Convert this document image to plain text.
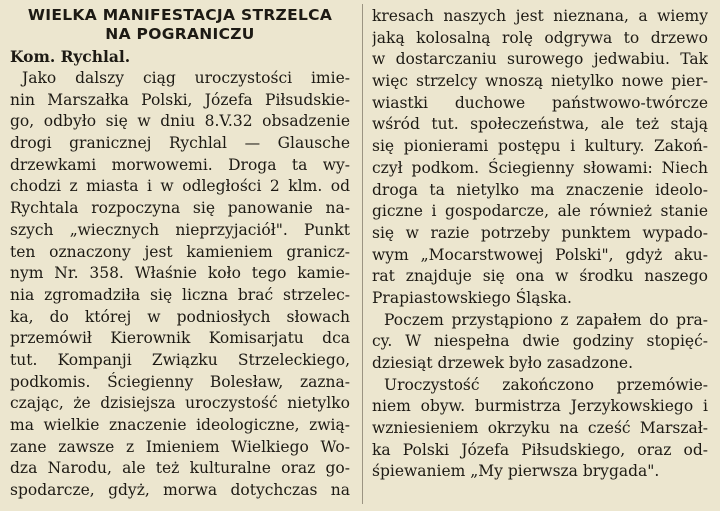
WIELKA MANIFESTACJA STRZELCA
NA POGRANICZU
Kom. Rychlal.
Jako dalszy ciąg uroczystości imie-
nin Marszałka Polski, Józefa Piłsudskie-
go, odbyło się w dniu 8.V.32 obsadzenie
drogi granicznej Rychlal — Glausche
drzewkami morwowemi. Droga ta wy-
chodzi z miasta i w odległości 2 klm. od
Rychtala rozpoczyna się panowanie na-
szych „wiecznych nieprzyjaciół". Punkt
ten oznaczony jest kamieniem granicz-
nym Nr. 358. Właśnie koło tego kamie-
nia zgromadziła się liczna brać strzelec-
ka, do której w podniosłych słowach
przemówił Kierownik Komisarjatu dca
tut. Kompanji Związku Strzeleckiego,
podkomis. Ściegienny Bolesław, zazna-
czając, że dzisiejsza uroczystość nietylko
ma wielkie znaczenie ideologiczne, zwią-
zane zawsze z Imieniem Wielkiego Wo-
dza Narodu, ale też kulturalne oraz go-
spodarcze, gdyż, morwa dotychczas na
kresach naszych jest nieznana, a wiemy
jaką kolosalną rolę odgrywa to drzewo
w dostarczaniu surowego jedwabiu. Tak
więc strzelcy wnoszą nietylko nowe pier-
wiastki duchowe państwowo-twórcze
wśród tut. społeczeństwa, ale też stają
się pionierami postępu i kultury. Zakoń-
czył podkom. Ściegienny słowami: Niech
droga ta nietylko ma znaczenie ideolo-
giczne i gospodarcze, ale również stanie
się w razie potrzeby punktem wypado-
wym „Mocarstwowej Polski", gdyż aku-
rat znajduje się ona w środku naszego
Prapiastowskiego Śląska.
Poczem przystąpiono z zapałem do pra-
cy. W niespełna dwie godziny stopięć-
dziesiąt drzewek było zasadzone.
Uroczystość zakończono przemówie-
niem obyw. burmistrza Jerzykowskiego i
wzniesieniem okrzyku na cześć Marszał-
ka Polski Józefa Piłsudskiego, oraz od-
śpiewaniem „My pierwsza brygada".
